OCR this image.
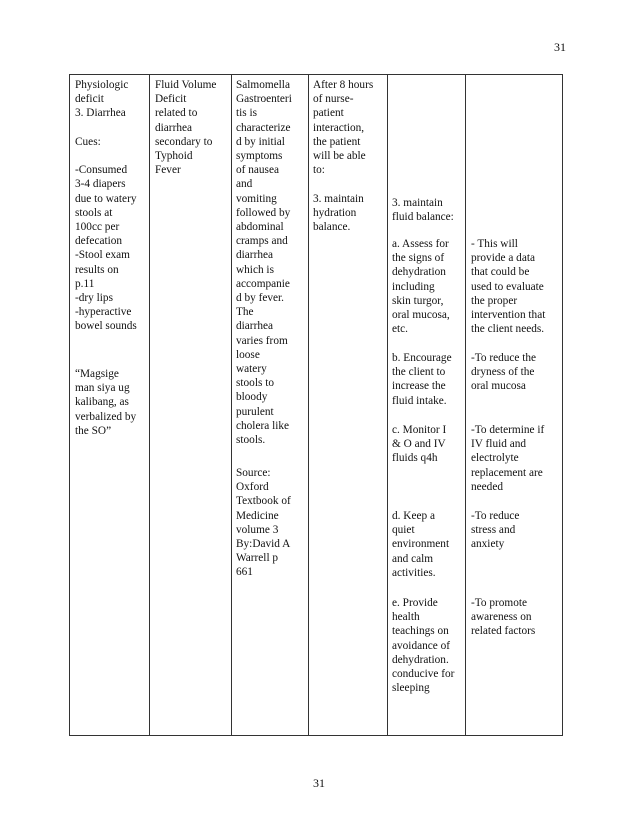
31
Physiologic
deficit
3. Diarrhea

Cues:

-Consumed
3-4 diapers
due to watery
stools at
100cc per
defecation
-Stool exam
results on
p.11
-dry lips
-hyperactive
bowel sounds
“Magsige
man siya ug
kalibang, as
verbalized by
the SO”
Fluid Volume
Deficit
related to
diarrhea
secondary to
Typhoid
Fever
Salmomella
Gastroenteri
tis is
characterize
d by initial
symptoms
of nausea
and
vomiting
followed by
abdominal
cramps and
diarrhea
which is
accompanie
d by fever.
The
diarrhea
varies from
loose
watery
stools to
bloody
purulent
cholera like
stools.
Source:
Oxford
Textbook of
Medicine
volume 3
By:David A
Warrell p
661
After 8 hours
of nurse-
patient
interaction,
the patient
will be able
to:

3. maintain
hydration
balance.
3. maintain
fluid balance:
a. Assess for
the signs of
dehydration
including
skin turgor,
oral mucosa,
etc.
b. Encourage
the client to
increase the
fluid intake.
c. Monitor I
& O and IV
fluids q4h
d. Keep a
quiet
environment
and calm
activities.
e. Provide
health
teachings on
avoidance of
dehydration.
conducive for
sleeping
- This will
provide a data
that could be
used to evaluate
the proper
intervention that
the client needs.
-To reduce the
dryness of the
oral mucosa
-To determine if
IV fluid and
electrolyte
replacement are
needed
-To reduce
stress and
anxiety
-To promote
awareness on
related factors
31
